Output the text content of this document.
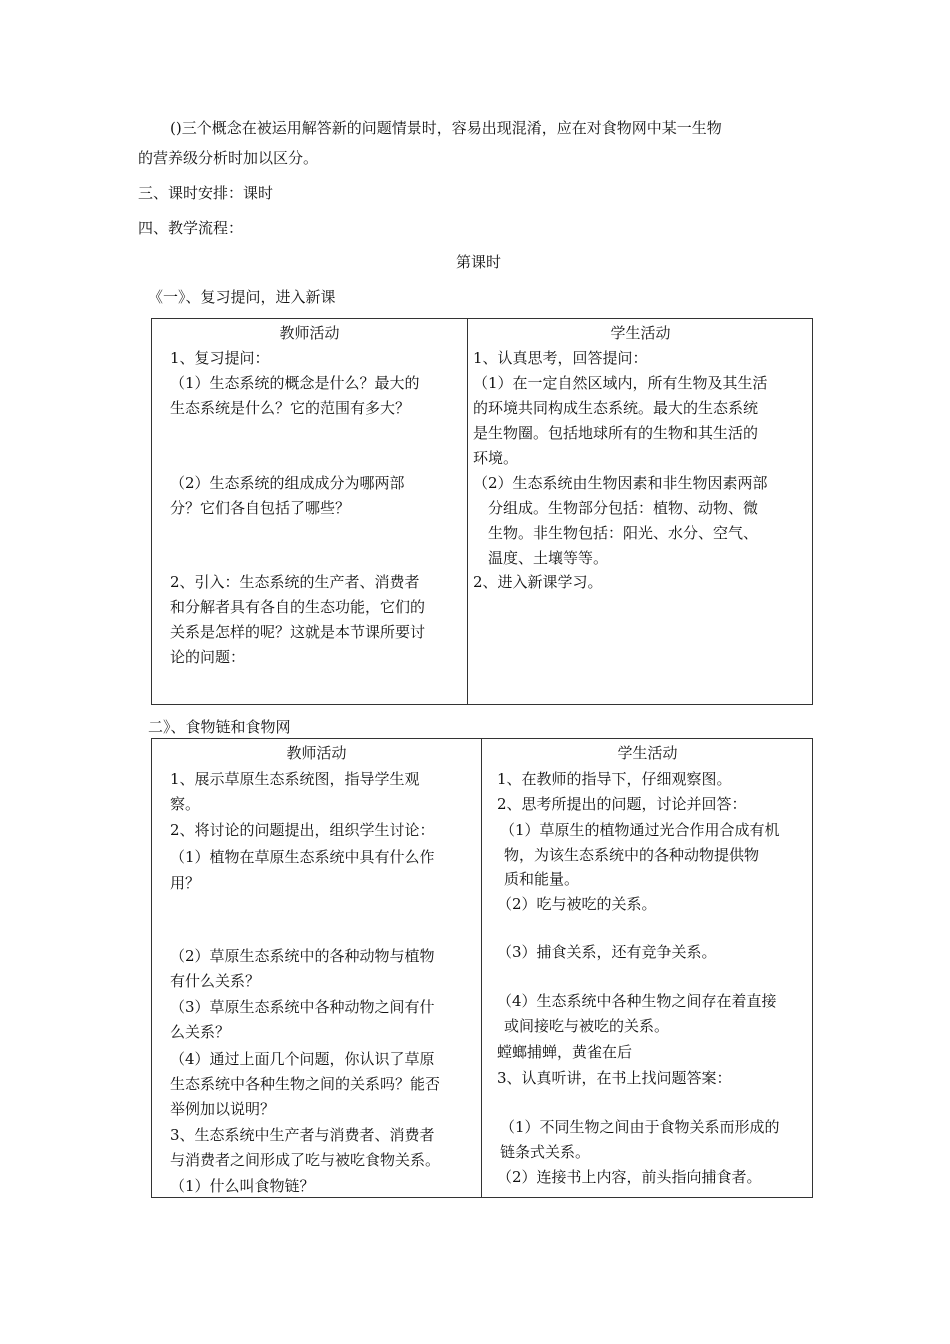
()三个概念在被运用解答新的问题情景时，容易出现混淆，应在对食物网中某一生物
的营养级分析时加以区分。
三、课时安排：课时
四、教学流程：
第课时
《一》、复习提问，进入新课
教师活动
1、复习提问：
（1）生态系统的概念是什么？最大的
生态系统是什么？它的范围有多大？
（2）生态系统的组成成分为哪两部
分？它们各自包括了哪些？
2、引入：生态系统的生产者、消费者
和分解者具有各自的生态功能，它们的
关系是怎样的呢？这就是本节课所要讨
论的问题：
学生活动
1、认真思考，回答提问：
（1）在一定自然区域内，所有生物及其生活
的环境共同构成生态系统。最大的生态系统
是生物圈。包括地球所有的生物和其生活的
环境。
（2）生态系统由生物因素和非生物因素两部
分组成。生物部分包括：植物、动物、微
生物。非生物包括：阳光、水分、空气、
温度、土壤等等。
2、进入新课学习。
二》、食物链和食物网
教师活动
1、展示草原生态系统图，指导学生观
察。
2、将讨论的问题提出，组织学生讨论：
（1）植物在草原生态系统中具有什么作
用？
（2）草原生态系统中的各种动物与植物
有什么关系？
（3）草原生态系统中各种动物之间有什
么关系？
（4）通过上面几个问题，你认识了草原
生态系统中各种生物之间的关系吗？能否
举例加以说明？
3、生态系统中生产者与消费者、消费者
与消费者之间形成了吃与被吃食物关系。
（1）什么叫食物链？
学生活动
1、在教师的指导下，仔细观察图。
2、思考所提出的问题，讨论并回答：
（1）草原生的植物通过光合作用合成有机
物，为该生态系统中的各种动物提供物
质和能量。
（2）吃与被吃的关系。
（3）捕食关系，还有竞争关系。
（4）生态系统中各种生物之间存在着直接
或间接吃与被吃的关系。
螳螂捕蝉，黄雀在后
3、认真听讲，在书上找问题答案：
（1）不同生物之间由于食物关系而形成的
链条式关系。
（2）连接书上内容，前头指向捕食者。
